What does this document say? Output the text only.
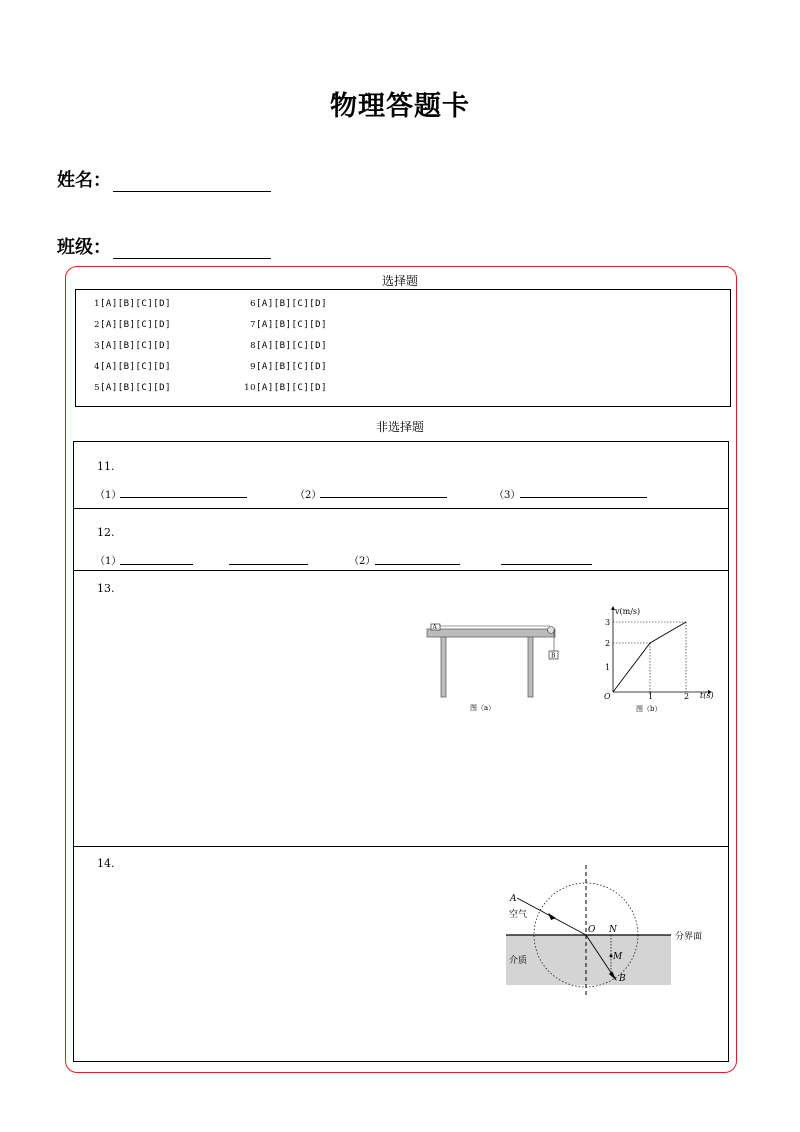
物理答题卡
姓名：
班级：
选择题
1[A][B][C][D]
2[A][B][C][D]
3[A][B][C][D]
4[A][B][C][D]
5[A][B][C][D]
6[A][B][C][D]
7[A][B][C][D]
8[A][B][C][D]
9[A][B][C][D]
10[A][B][C][D]
非选择题
11.
（1）	（2）	（3）
12.
（1）	（2）
13.
A
B
图（a）
v(m/s)
t(s)
O
1
2
3
1	2
图（b）
14.
A
空气
O N
M
介质
B
分界面
